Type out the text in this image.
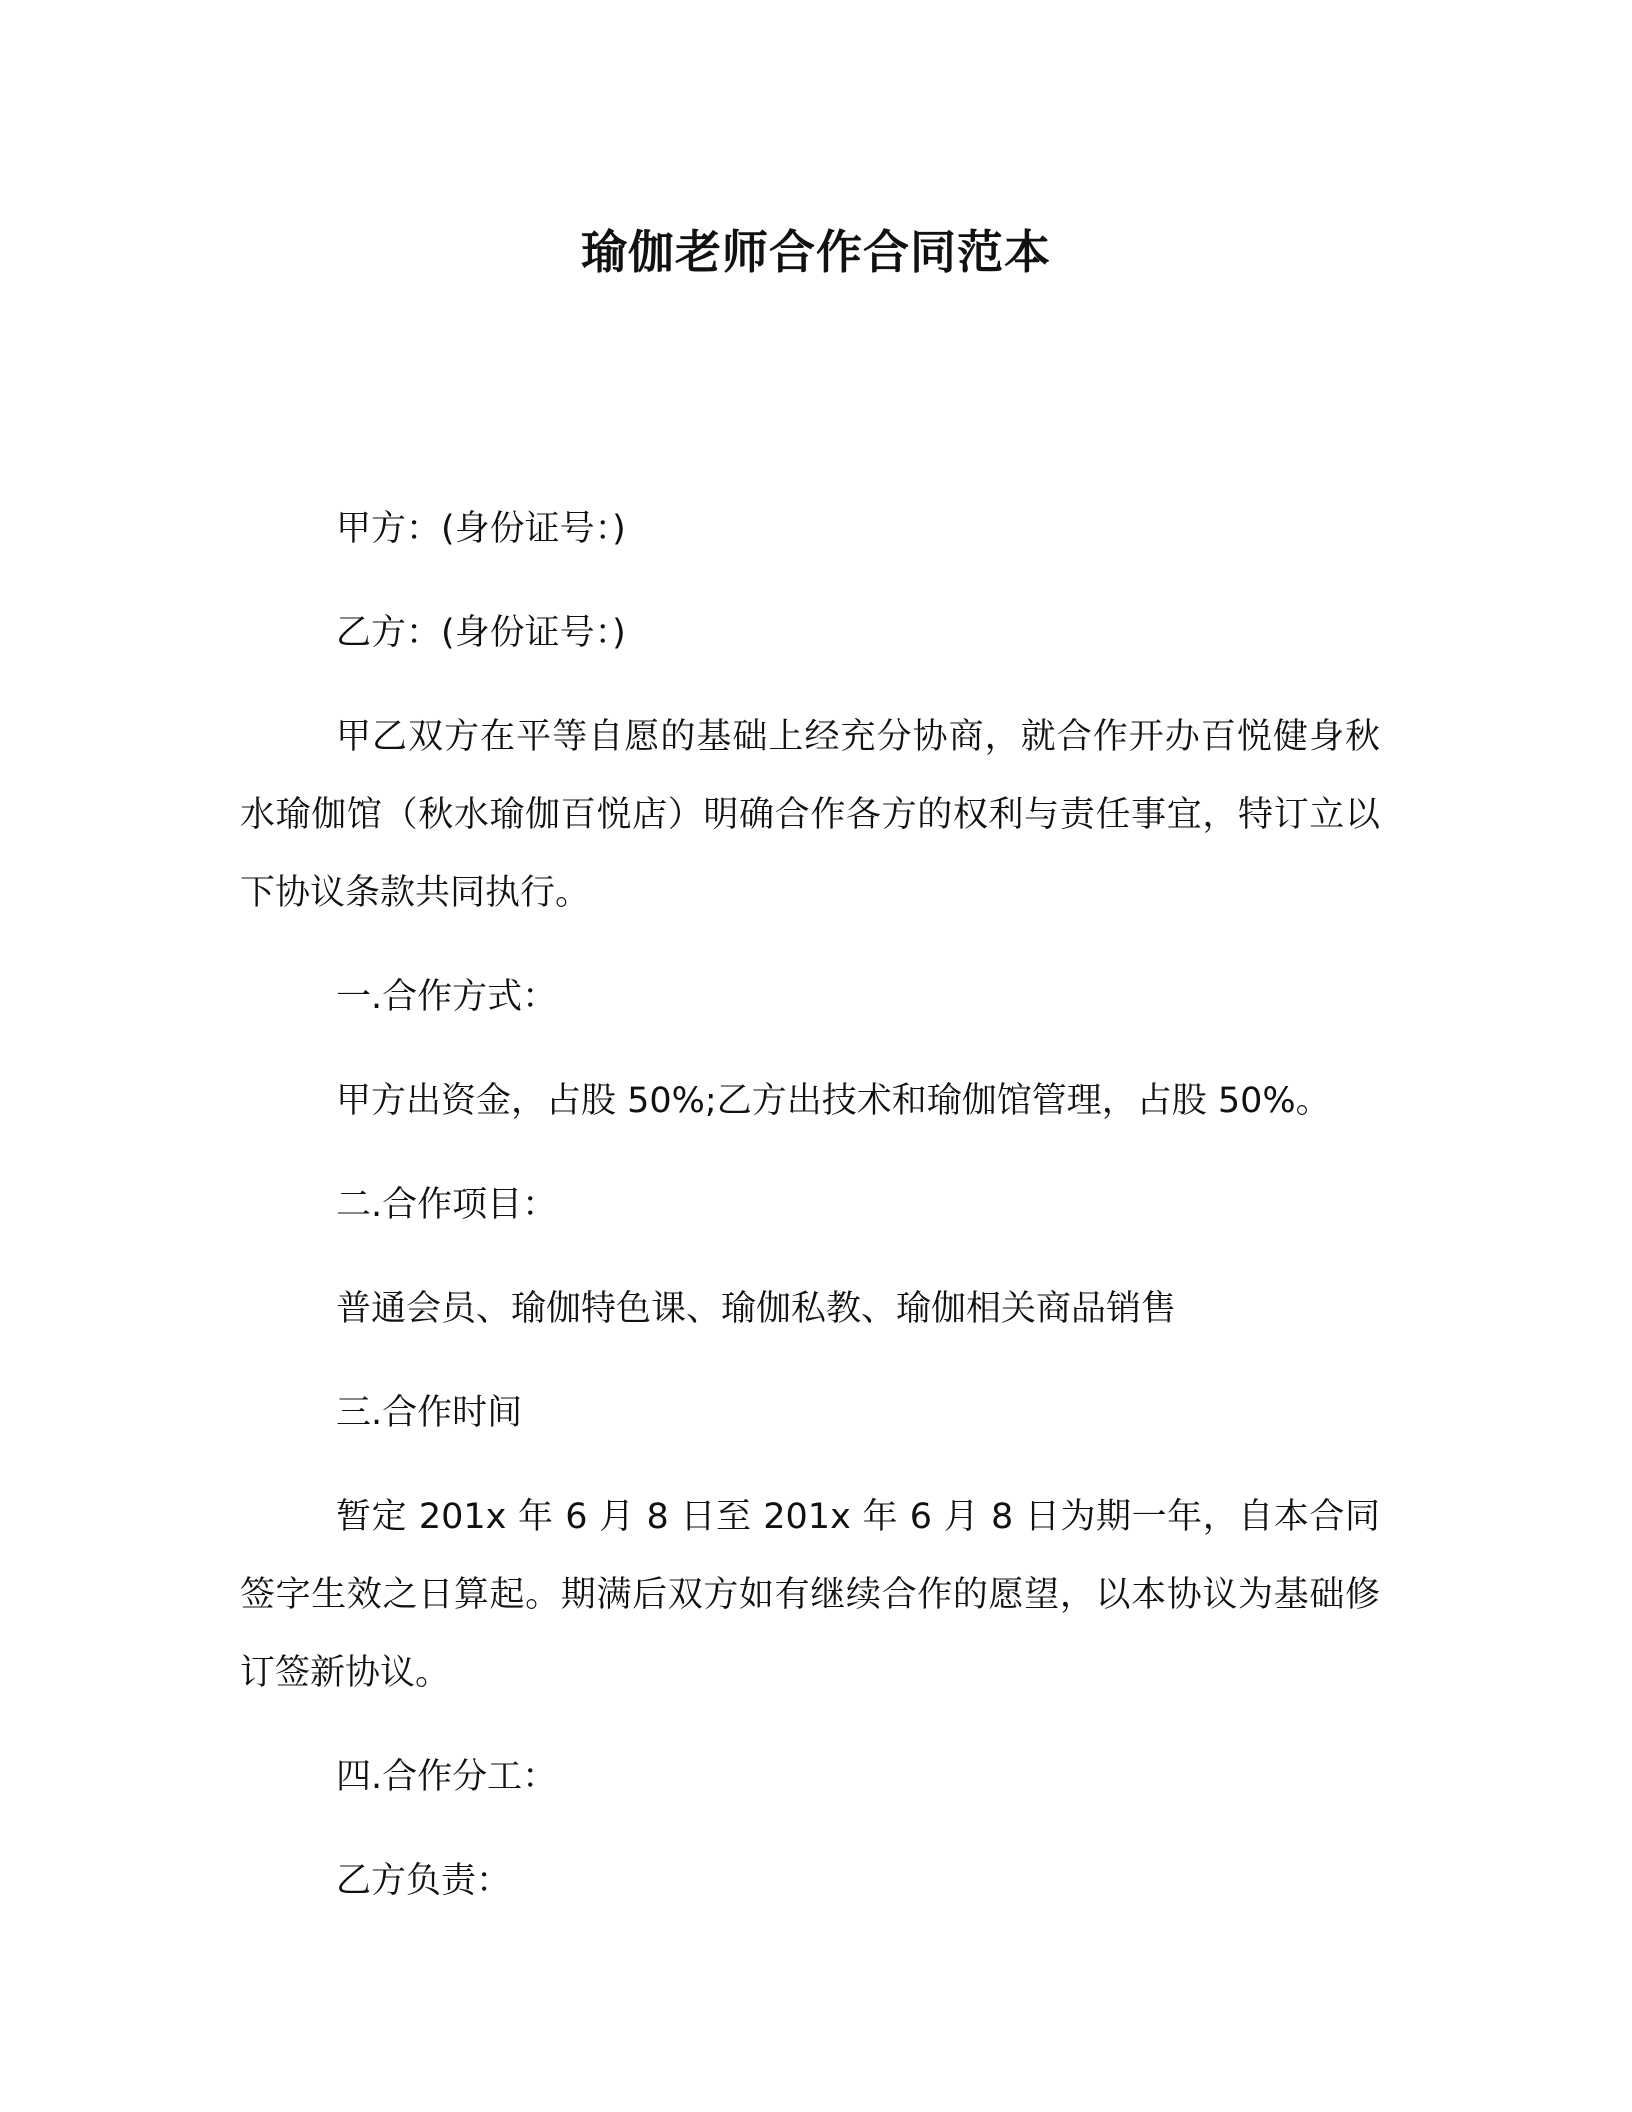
瑜伽老师合作合同范本

甲方：(身份证号：)

乙方：(身份证号：)

甲乙双方在平等自愿的基础上经充分协商，就合作开办百悦健身秋水瑜伽馆（秋水瑜伽百悦店）明确合作各方的权利与责任事宜，特订立以下协议条款共同执行。

一.合作方式：

甲方出资金，占股 50%;乙方出技术和瑜伽馆管理，占股 50%。

二.合作项目：

普通会员、瑜伽特色课、瑜伽私教、瑜伽相关商品销售

三.合作时间

暂定 201x 年 6 月 8 日至 201x 年 6 月 8 日为期一年，自本合同签字生效之日算起。期满后双方如有继续合作的愿望，以本协议为基础修订签新协议。

四.合作分工：

乙方负责：
